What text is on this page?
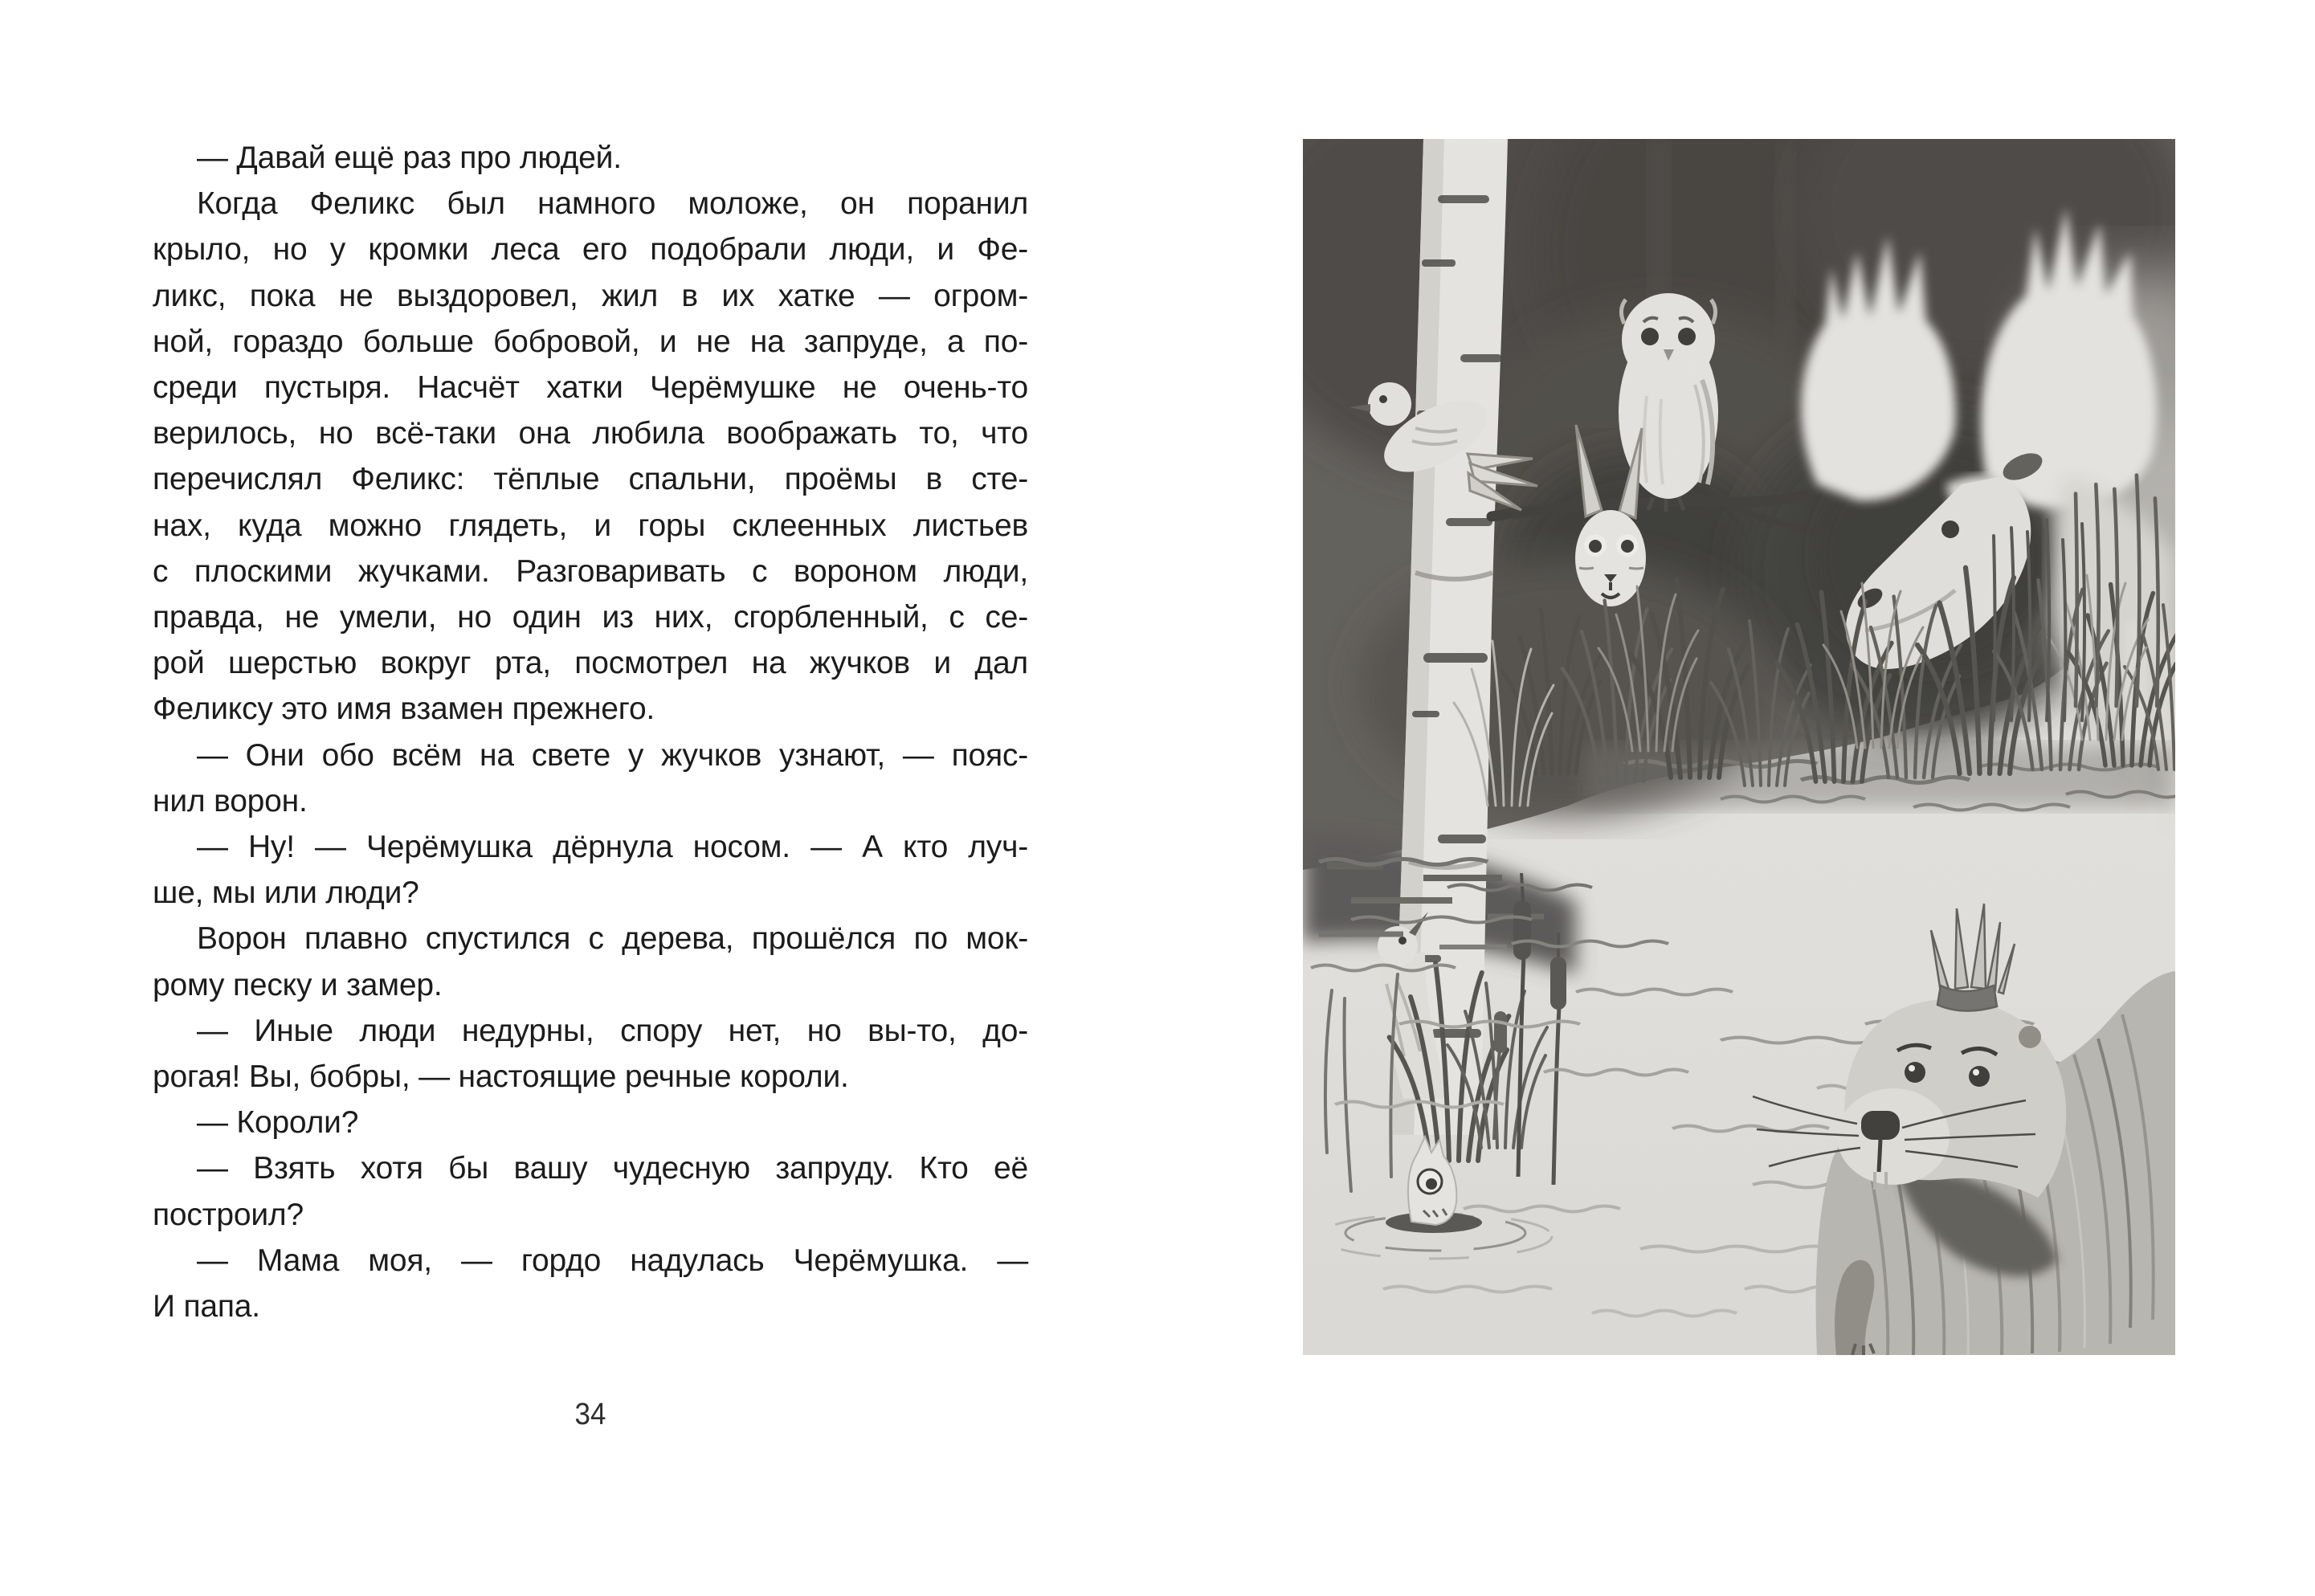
— Давай ещё раз про людей.
Когда Феликс был намного моложе, он поранил
крыло, но у кромки леса его подобрали люди, и Фе-
ликс, пока не выздоровел, жил в их хатке — огром-
ной, гораздо больше бобровой, и не на запруде, а по-
среди пустыря. Насчёт хатки Черёмушке не очень-то
верилось, но всё-таки она любила воображать то, что
перечислял Феликс: тёплые спальни, проёмы в сте-
нах, куда можно глядеть, и горы склеенных листьев
с плоскими жучками. Разговаривать с вороном люди,
правда, не умели, но один из них, сгорбленный, с се-
рой шерстью вокруг рта, посмотрел на жучков и дал
Феликсу это имя взамен прежнего.
— Они обо всём на свете у жучков узнают, — пояс-
нил ворон.
— Ну! — Черёмушка дёрнула носом. — А кто луч-
ше, мы или люди?
Ворон плавно спустился с дерева, прошёлся по мок-
рому песку и замер.
— Иные люди недурны, спору нет, но вы-то, до-
рогая! Вы, бобры, — настоящие речные короли.
— Короли?
— Взять хотя бы вашу чудесную запруду. Кто её
построил?
— Мама моя, — гордо надулась Черёмушка. —
И папа.
34
